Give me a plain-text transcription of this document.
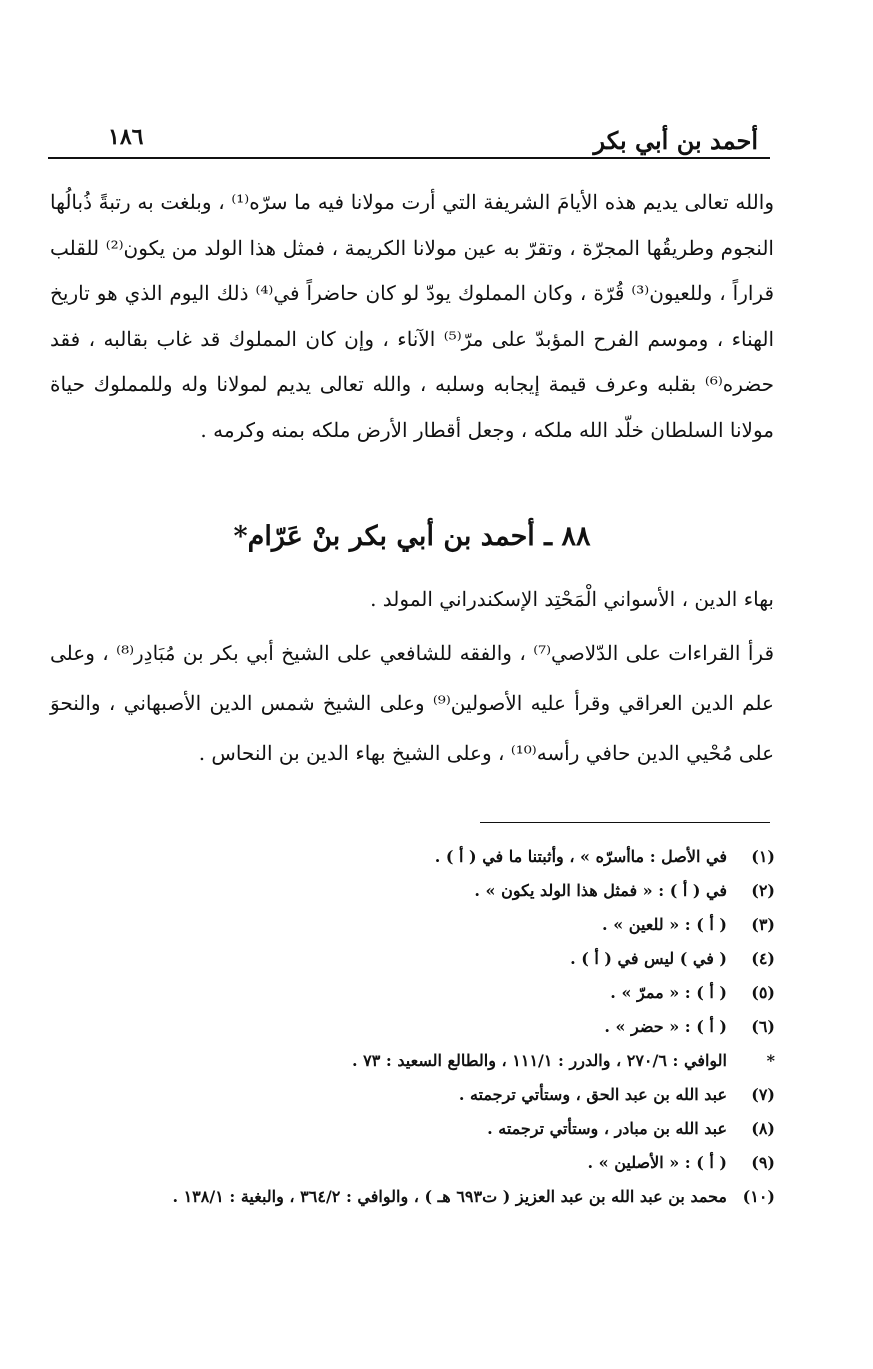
أحمد بن أبي بكر
١٨٦

والله تعالى يديم هذه الأيامَ الشريفة التي أرت مولانا فيه ما سرّه⁽¹⁾ ، وبلغت به رتبةً ذُبالُها النجوم وطريقُها المجرّة ، وتقرّ به عين مولانا الكريمة ، فمثل هذا الولد من يكون⁽²⁾ للقلب قراراً ، وللعيون⁽³⁾ قُرّة ، وكان المملوك يودّ لو كان حاضراً في⁽⁴⁾ ذلك اليوم الذي هو تاريخ الهناء ، وموسم الفرح المؤبدّ على مرّ⁽⁵⁾ الآناء ، وإن كان المملوك قد غاب بقالبه ، فقد حضره⁽⁶⁾ بقلبه وعرف قيمة إيجابه وسلبه ، والله تعالى يديم لمولانا وله وللمملوك حياة مولانا السلطان خلّد الله ملكه ، وجعل أقطار الأرض ملكه بمنه وكرمه .

٨٨ ـ أحمد بن أبي بكر بنْ عَرّام*

بهاء الدين ، الأسواني الْمَحْتِد الإسكندراني المولد .

قرأ القراءات على الدّلاصي⁽⁷⁾ ، والفقه للشافعي على الشيخ أبي بكر بن مُبَادِر⁽⁸⁾ ، وعلى علم الدين العراقي وقرأ عليه الأصولين⁽⁹⁾ وعلى الشيخ شمس الدين الأصبهاني ، والنحوَ على مُحْيي الدين حافي رأسه⁽¹⁰⁾ ، وعلى الشيخ بهاء الدين بن النحاس .

(١)
في الأصل : ماأسرّه » ، وأثبتنا ما في ( أ ) .
(٢)
في ( أ ) : « فمثل هذا الولد يكون » .
(٣)
( أ ) : « للعين » .
(٤)
( في ) ليس في ( أ ) .
(٥)
( أ ) : « ممرّ » .
(٦)
( أ ) : « حضر » .
*
الوافي : ٢٧٠/٦ ، والدرر : ١١١/١ ، والطالع السعيد : ٧٣ .
(٧)
عبد الله بن عبد الحق ، وستأتي ترجمته .
(٨)
عبد الله بن مبادر ، وستأتي ترجمته .
(٩)
( أ ) : « الأصلين » .
(١٠)
محمد بن عبد الله بن عبد العزيز ( ت٦٩٣ هـ ) ، والوافي : ٣٦٤/٢ ، والبغية : ١٣٨/١ .
